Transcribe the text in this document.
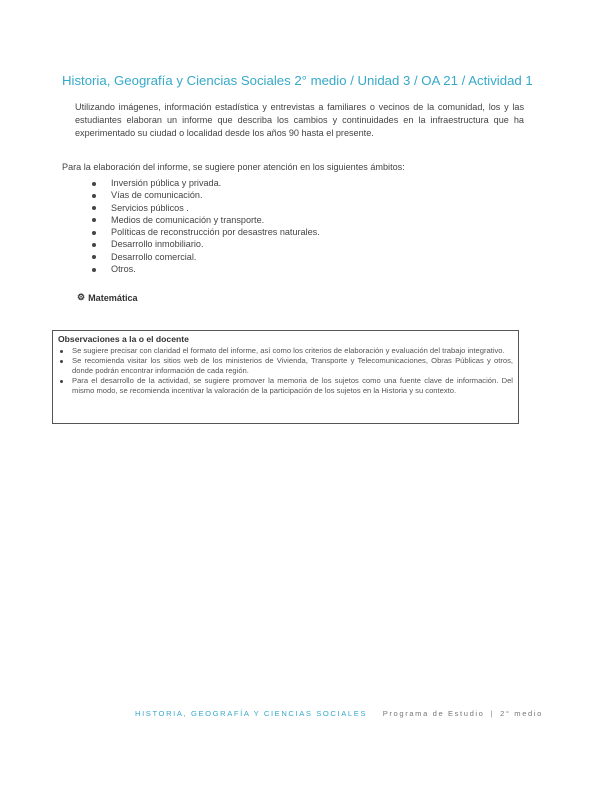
Historia, Geografía y Ciencias Sociales 2° medio / Unidad 3 / OA 21 / Actividad 1

Utilizando imágenes, información estadística y entrevistas a familiares o vecinos de la comunidad, los y las estudiantes elaboran un informe que describa los cambios y continuidades en la infraestructura que ha experimentado su ciudad o localidad desde los años 90 hasta el presente.

Para la elaboración del informe, se sugiere poner atención en los siguientes ámbitos:

Inversión pública y privada.
Vías de comunicación.
Servicios públicos .
Medios de comunicación y transporte.
Políticas de reconstrucción por desastres naturales.
Desarrollo inmobiliario.
Desarrollo comercial.
Otros.
⚙ Matemática
Observaciones a la o el docente
Se sugiere precisar con claridad el formato del informe, así como los criterios de elaboración y evaluación del trabajo integrativo.
Se recomienda visitar los sitios web de los ministerios de Vivienda, Transporte y Telecomunicaciones, Obras Públicas y otros, donde podrán encontrar información de cada región.
Para el desarrollo de la actividad, se sugiere promover la memoria de los sujetos como una fuente clave de información. Del mismo modo, se recomienda incentivar la valoración de la participación de los sujetos en la Historia y su contexto.
HISTORIA, GEOGRAFÍA Y CIENCIAS SOCIALES Programa de Estudio | 2° medio
